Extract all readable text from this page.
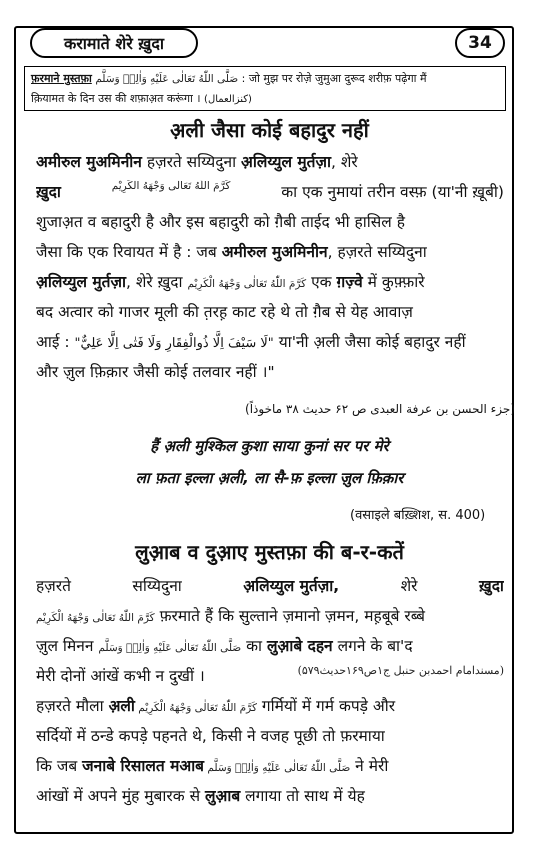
करामाते शेरे ख़ुदा	34
फ़रमाने मुस्तफ़ा صَلَّى اللّٰهُ تَعَالٰى عَلَيْهِ وَاٰلِهٖ وَسَلَّم : जो मुझ पर रोज़े जुमुआ दुरूद शरीफ़ पढ़ेगा मैं
क़ियामत के दिन उस की शफ़ाअ़त करूंगा । (کنزالعمال)
अ़ली जैसा कोई बहादुर नहीं
अमीरुल मुअमिनीन हज़रते सय्यिदुना अ़लिय्युल मुर्तज़ा, शेरे
ख़ुदा	كَرَّمَ اللّٰهُ تَعَالٰى وَجْهَهُ الْكَرِيْم	का एक नुमायां तरीन वस्फ़ (या'नी ख़ूबी)
शुजाअ़त व बहादुरी है और इस बहादुरी को ग़ैबी ताईद भी हासिल है
जैसा कि एक रिवायत में है : जब अमीरुल मुअमिनीन, हज़रते सय्यिदुना
अ़लिय्युल मुर्तज़ा, शेरे ख़ुदा كَرَّمَ اللّٰهُ تَعَالٰى وَجْهَهُ الْكَرِيْم एक ग़ज़्वे में कुफ़्फ़ारे
बद अत्वार को गाजर मूली की त़रह़ काट रहे थे तो ग़ैब से येह आवाज़
आई : "لَا سَيْفَ اِلَّا ذُوالْفِقَارِ وَلَا فَتٰى اِلَّا عَلِيٌّ" या'नी अ़ली जैसा कोई बहादुर नहीं
और ज़ुल फ़िक़ार जैसी कोई तलवार नहीं ।"
(جزء الحسن بن عرفة العبدی ص ۶۲ حدیث ۳۸ ماخوذاً)
हैं अ़ली मुश्किल कुशा साया कुनां सर पर मेरे
ला फ़ता इल्ला अ़ली, ला सै-फ़ इल्ला ज़ुल फ़िक़ार
(वसाइले बख़्शिश, स. 400)
लुआ़ब व दुआ़ए मुस्तफ़ा की ब-र-कतें
हज़रते	सय्यिदुना	अ़लिय्युल मुर्तज़ा,	शेरे	ख़ुदा
كَرَّمَ اللّٰهُ تَعَالٰى وَجْهَهُ الْكَرِيْم फ़रमाते हैं कि सुल्ताने ज़मानो ज़मन, मह़बूबे रब्बे
ज़ुल मिनन صَلَّى اللّٰهُ تَعَالٰى عَلَيْهِ وَاٰلِهٖ وَسَلَّم का लुआ़बे दहन लगने के बा'द
मेरी दोनों आंखें कभी न दुखीं ।	(مسندامام احمدبن حنبل ج۱ص۱۶۹حدیث۵۷۹)
हज़रते मौला अ़ली كَرَّمَ اللّٰهُ تَعَالٰى وَجْهَهُ الْكَرِيْم गर्मियों में गर्म कपड़े और
सर्दियों में ठन्डे कपड़े पहनते थे, किसी ने वजह पूछी तो फ़रमाया
कि जब जनाबे रिसालत मआब صَلَّى اللّٰهُ تَعَالٰى عَلَيْهِ وَاٰلِهٖ وَسَلَّم ने मेरी
आंखों में अपने मुंह मुबारक से लुआ़ब लगाया तो साथ में येह
